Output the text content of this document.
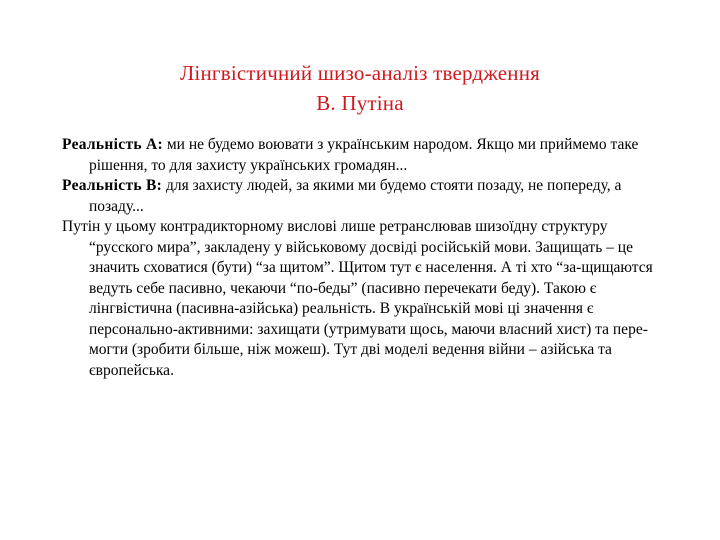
Лінгвістичний шизо-аналіз твердження
В. Путіна

Реальність А: ми не будемо воювати з українським народом. Якщо ми приймемо таке рішення, то для захисту українських громадян...

Реальність В: для захисту людей, за якими ми будемо стояти позаду, не попереду, а позаду...

Путін у цьому контрадикторному вислові лише ретранслював шизоїдну структуру “русского мира”, закладену у військовому досвіді російській мови. Защищать – це значить сховатися (бути) “за щитом”. Щитом тут є населення. А ті хто “за-щищаются ведуть себе пасивно, чекаючи “по-беды” (пасивно перечекати беду). Такою є лінгвістична (пасивна-азійська) реальність. В українській мові ці значення є персонально-активними: захищати (утримувати щось, маючи власний хист) та пере-могти (зробити більше, ніж можеш). Тут дві моделі ведення війни – азійська та європейська.
